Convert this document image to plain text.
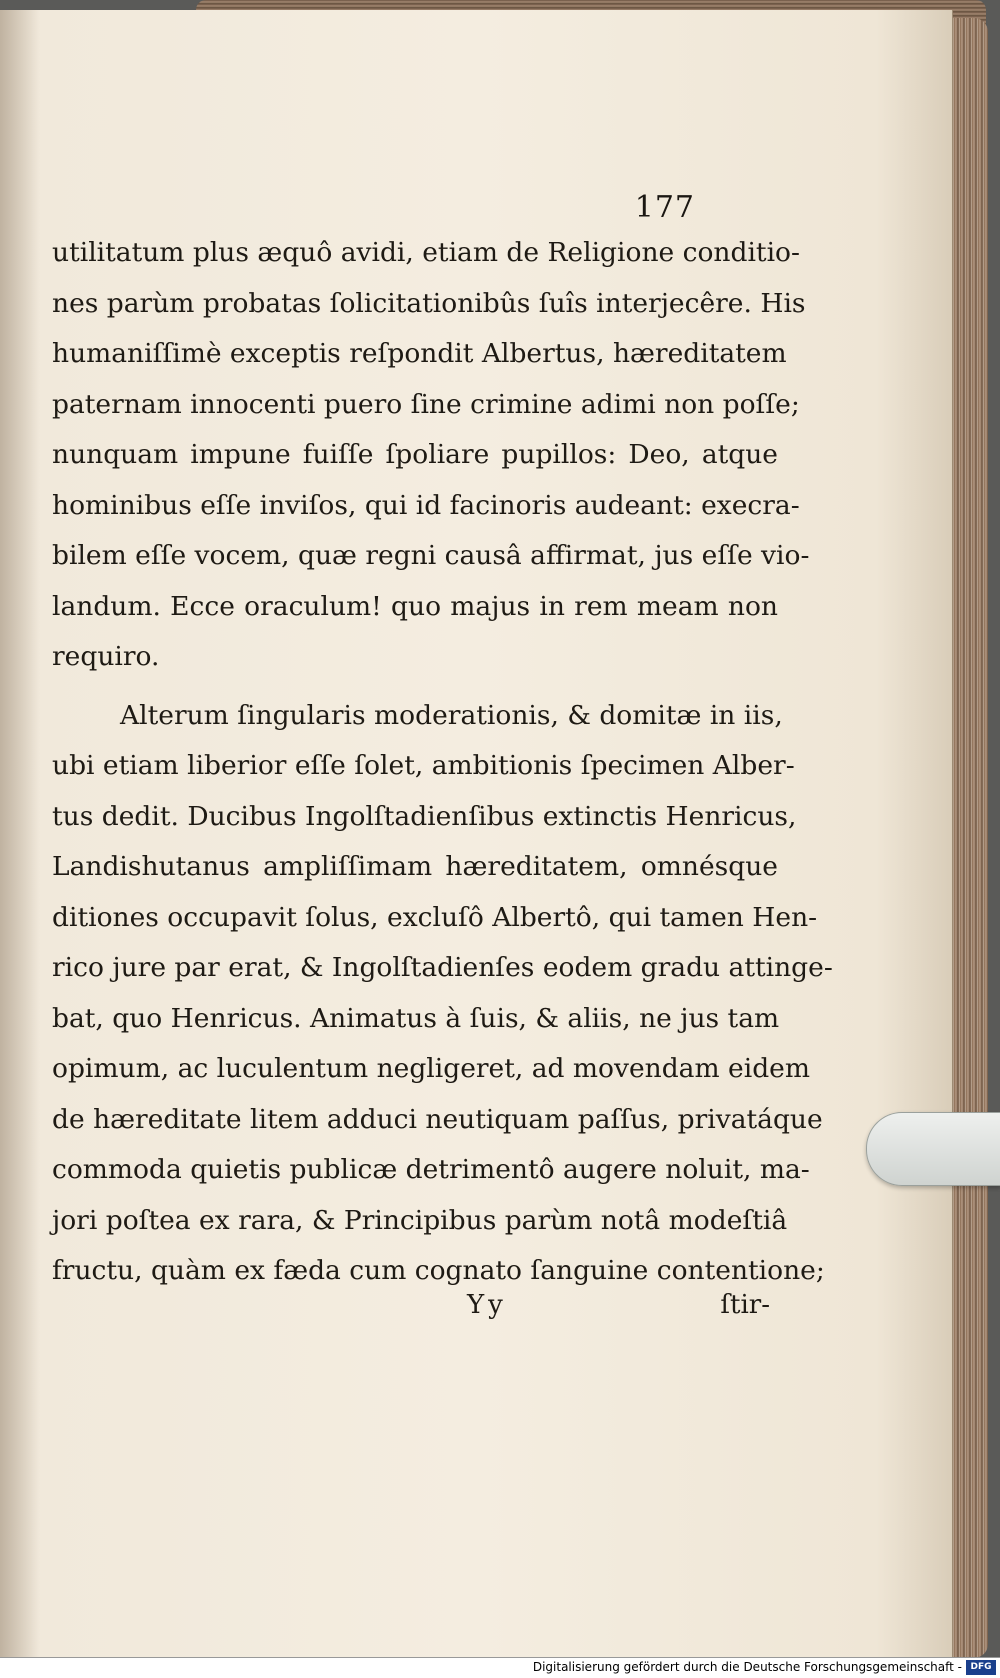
177
utilitatum plus æquô avidi, etiam de Religione conditio-
nes parùm probatas ſolicitationibûs ſuîs interjecêre. His
humaniſſimè exceptis reſpondit Albertus, hæreditatem
paternam innocenti puero ſine crimine adimi non poſſe;
nunquam impune fuiſſe ſpoliare pupillos: Deo, atque
hominibus eſſe inviſos, qui id facinoris audeant: execra-
bilem eſſe vocem, quæ regni causâ affirmat, jus eſſe vio-
landum. Ecce oraculum! quo majus in rem meam non
requiro.
Alterum ſingularis moderationis, & domitæ in iis,
ubi etiam liberior eſſe ſolet, ambitionis ſpecimen Alber-
tus dedit. Ducibus Ingolſtadienſibus extinctis Henricus,
Landishutanus ampliſſimam hæreditatem, omnésque
ditiones occupavit ſolus, excluſô Albertô, qui tamen Hen-
rico jure par erat, & Ingolſtadienſes eodem gradu attinge-
bat, quo Henricus. Animatus à ſuis, & aliis, ne jus tam
opimum, ac luculentum negligeret, ad movendam eidem
de hæreditate litem adduci neutiquam paſſus, privatáque
commoda quietis publicæ detrimentô augere noluit, ma-
jori poſtea ex rara, & Principibus parùm notâ modeſtiâ
fructu, quàm ex fæda cum cognato ſanguine contentione;
Yy	ſtir-
Digitalisierung gefördert durch die Deutsche Forschungsgemeinschaft - DFG
